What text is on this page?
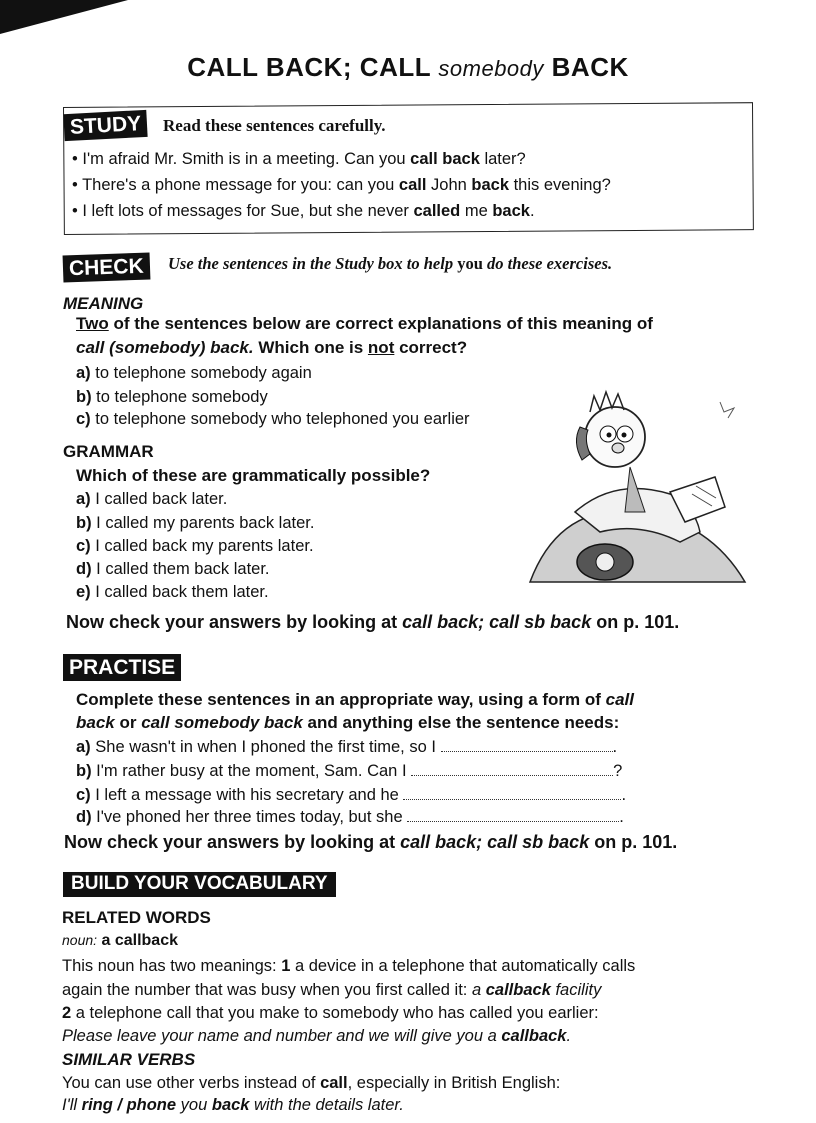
CALL BACK; CALL somebody BACK
STUDY	Read these sentences carefully.
• I'm afraid Mr. Smith is in a meeting. Can you call back later?
• There's a phone message for you: can you call John back this evening?
• I left lots of messages for Sue, but she never called me back.
CHECK	Use the sentences in the Study box to help you do these exercises.
MEANING
Two of the sentences below are correct explanations of this meaning of
call (somebody) back. Which one is not correct?
a) to telephone somebody again
b) to telephone somebody
c) to telephone somebody who telephoned you earlier
GRAMMAR
Which of these are grammatically possible?
a) I called back later.
b) I called my parents back later.
c) I called back my parents later.
d) I called them back later.
e) I called back them later.
Now check your answers by looking at call back; call sb back on p. 101.
PRACTISE
Complete these sentences in an appropriate way, using a form of call
back or call somebody back and anything else the sentence needs:
a) She wasn't in when I phoned the first time, so I	.
b) I'm rather busy at the moment, Sam. Can I	?
c) I left a message with his secretary and he	.
d) I've phoned her three times today, but she	.
Now check your answers by looking at call back; call sb back on p. 101.
BUILD YOUR VOCABULARY
RELATED WORDS
noun: a callback
This noun has two meanings: 1 a device in a telephone that automatically calls
again the number that was busy when you first called it: a callback facility
2 a telephone call that you make to somebody who has called you earlier:
Please leave your name and number and we will give you a callback.
SIMILAR VERBS
You can use other verbs instead of call, especially in British English:
I'll ring / phone you back with the details later.
